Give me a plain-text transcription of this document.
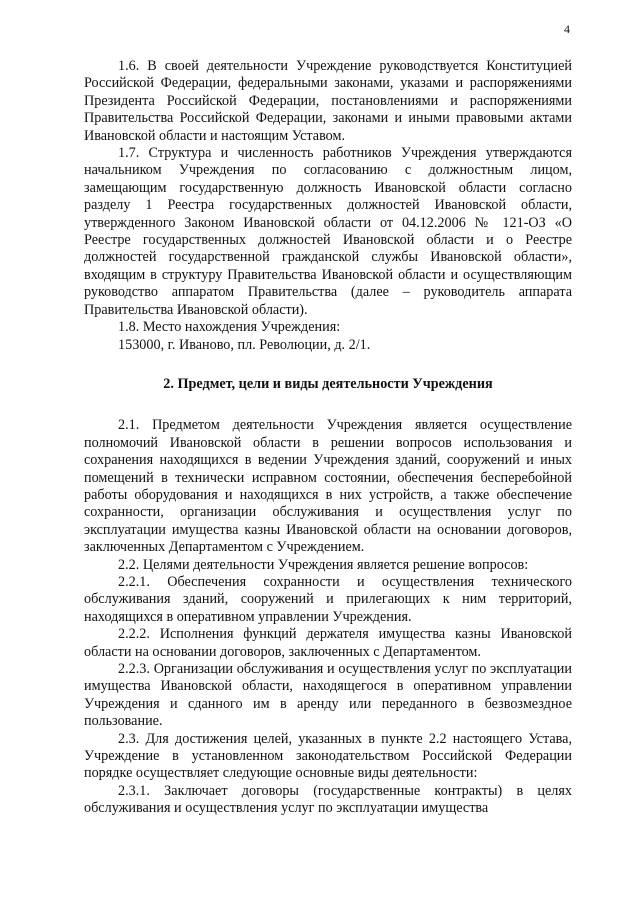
4

1.6. В своей деятельности Учреждение руководствуется Конституцией Российской Федерации, федеральными законами, указами и распоряжениями Президента Российской Федерации, постановлениями и распоряжениями Правительства Российской Федерации, законами и иными правовыми актами Ивановской области и настоящим Уставом.

1.7. Структура и численность работников Учреждения утверждаются начальником Учреждения по согласованию с должностным лицом, замещающим государственную должность Ивановской области согласно разделу 1 Реестра государственных должностей Ивановской области, утвержденного Законом Ивановской области от 04.12.2006 № 121-ОЗ «О Реестре государственных должностей Ивановской области и о Реестре должностей государственной гражданской службы Ивановской области», входящим в структуру Правительства Ивановской области и осуществляющим руководство аппаратом Правительства (далее – руководитель аппарата Правительства Ивановской области).

1.8. Место нахождения Учреждения:

153000, г. Иваново, пл. Революции, д. 2/1.

2. Предмет, цели и виды деятельности Учреждения

2.1. Предметом деятельности Учреждения является осуществление полномочий Ивановской области в решении вопросов использования и сохранения находящихся в ведении Учреждения зданий, сооружений и иных помещений в технически исправном состоянии, обеспечения бесперебойной работы оборудования и находящихся в них устройств, а также обеспечение сохранности, организации обслуживания и осуществления услуг по эксплуатации имущества казны Ивановской области на основании договоров, заключенных Департаментом с Учреждением.

2.2. Целями деятельности Учреждения является решение вопросов:

2.2.1. Обеспечения сохранности и осуществления технического обслуживания зданий, сооружений и прилегающих к ним территорий, находящихся в оперативном управлении Учреждения.

2.2.2. Исполнения функций держателя имущества казны Ивановской области на основании договоров, заключенных с Департаментом.

2.2.3. Организации обслуживания и осуществления услуг по эксплуатации имущества Ивановской области, находящегося в оперативном управлении Учреждения и сданного им в аренду или переданного в безвозмездное пользование.

2.3. Для достижения целей, указанных в пункте 2.2 настоящего Устава, Учреждение в установленном законодательством Российской Федерации порядке осуществляет следующие основные виды деятельности:

2.3.1. Заключает договоры (государственные контракты) в целях обслуживания и осуществления услуг по эксплуатации имущества
